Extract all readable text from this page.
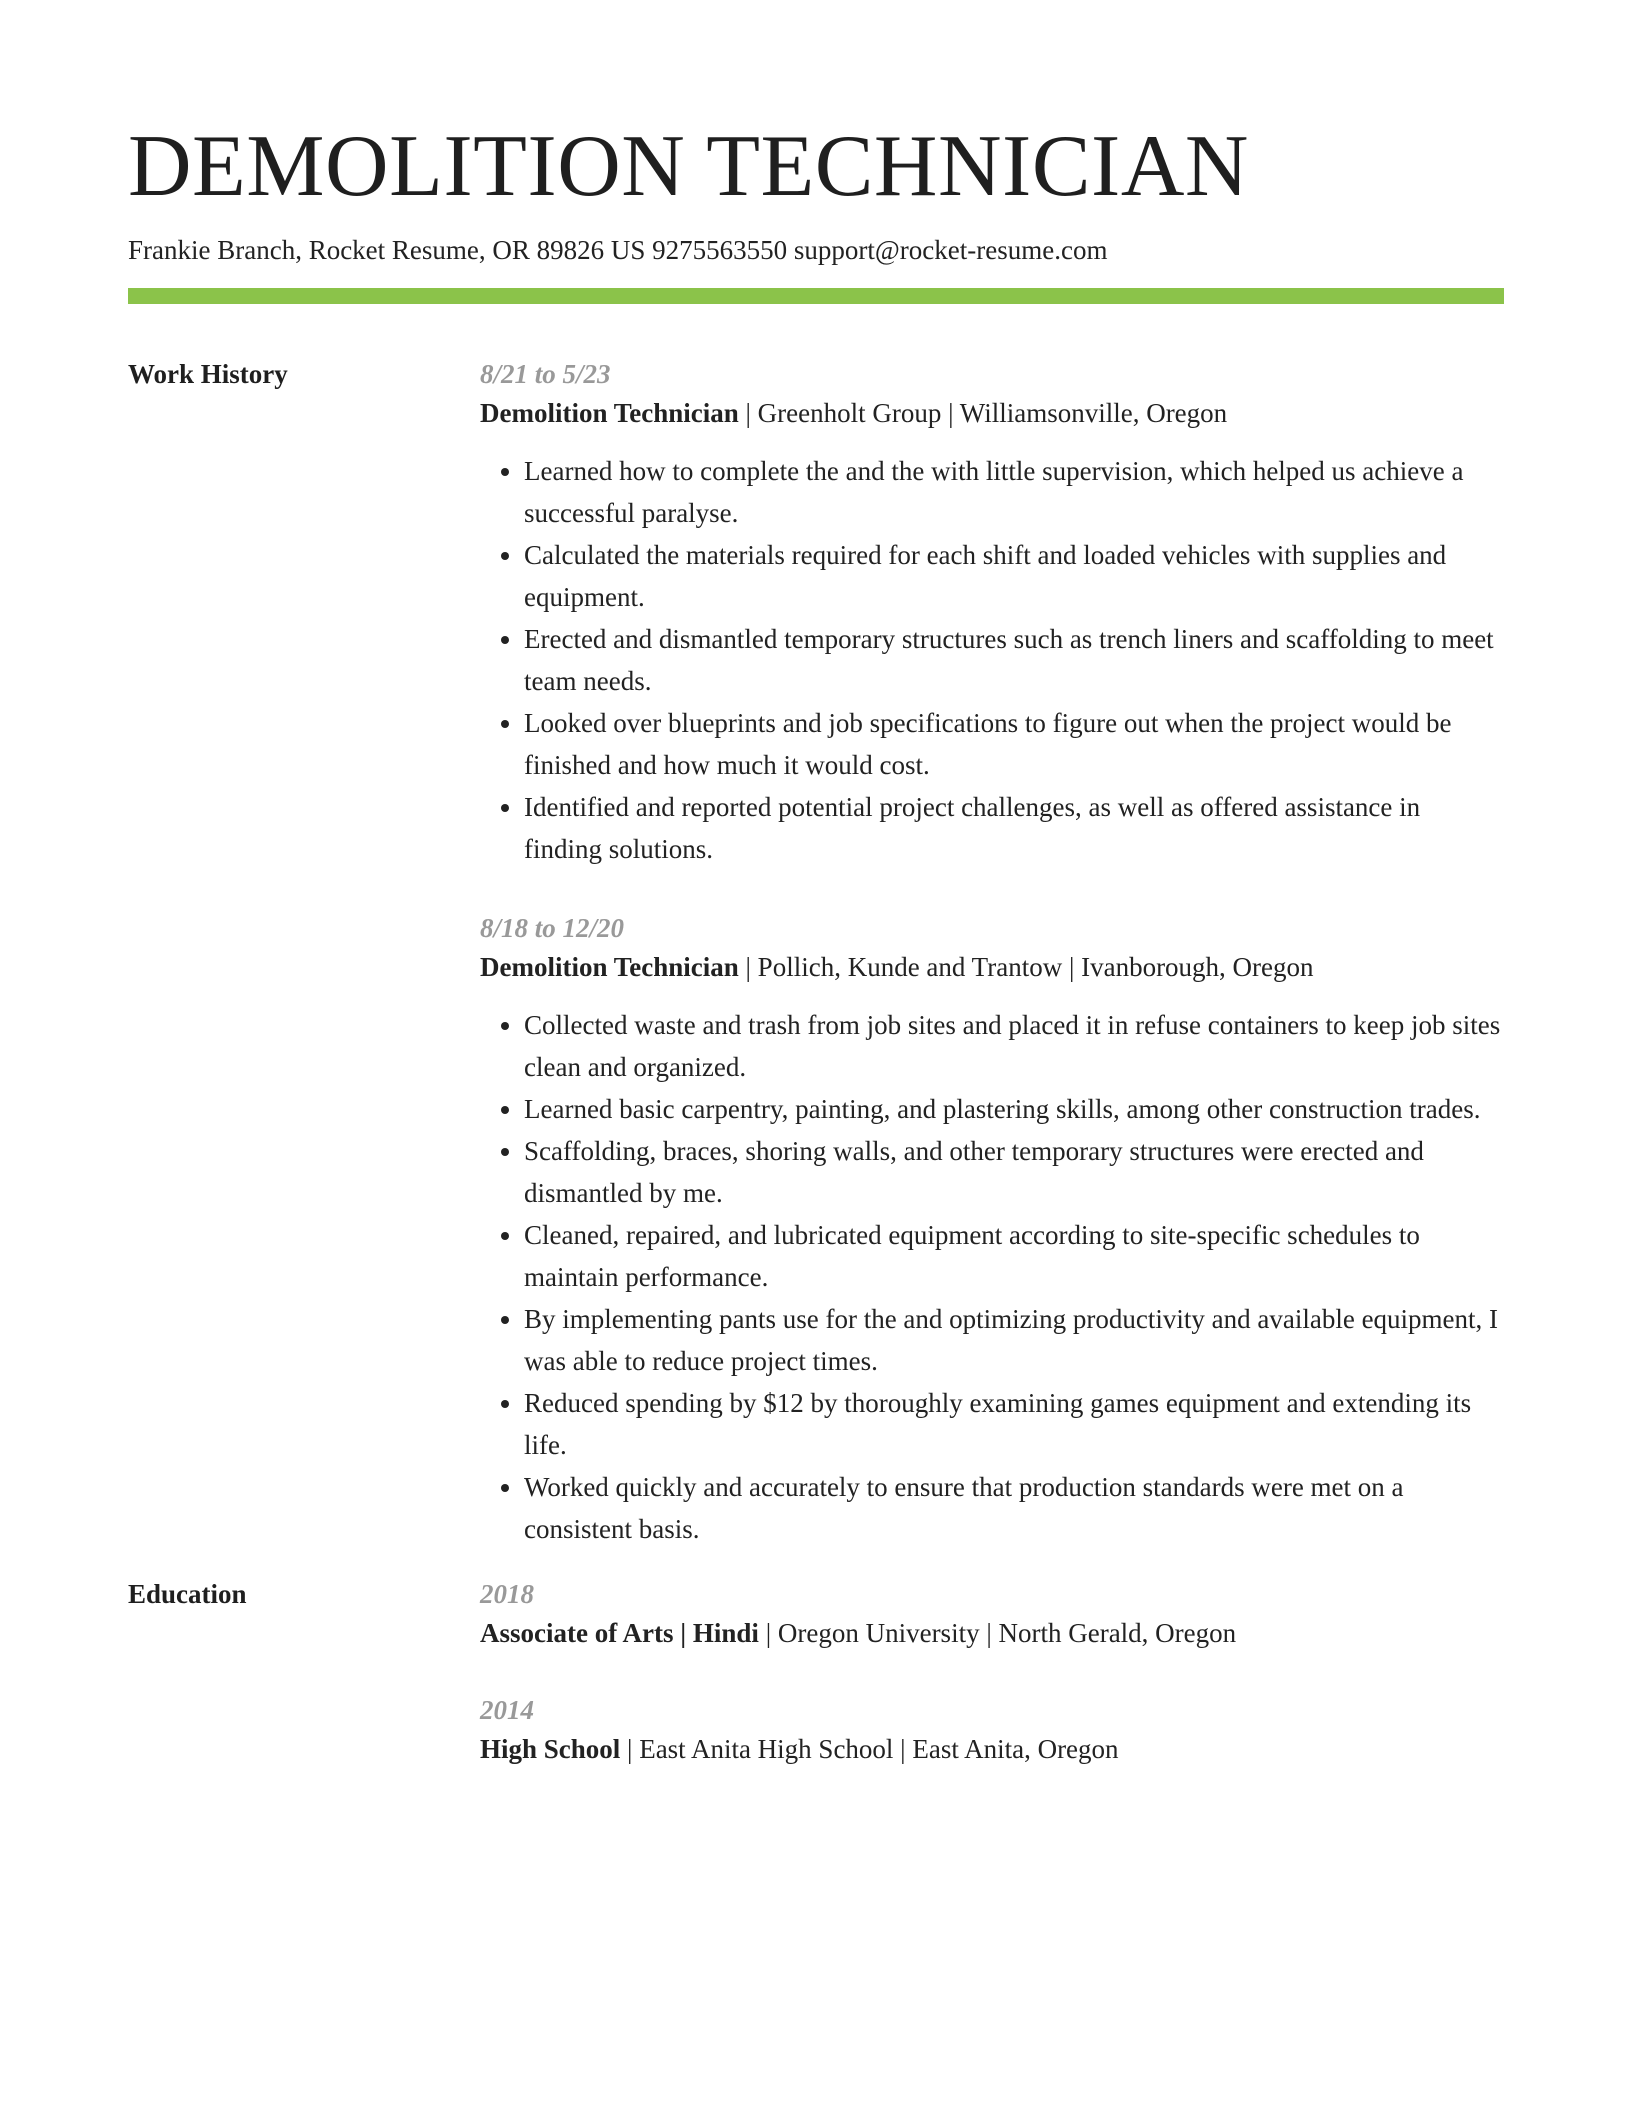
DEMOLITION TECHNICIAN
Frankie Branch, Rocket Resume, OR 89826 US 9275563550 support@rocket-resume.com
Work History	8/21 to 5/23
Demolition Technician | Greenholt Group | Williamsonville, Oregon
• Learned how to complete the and the with little supervision, which helped us achieve a successful paralyse.
• Calculated the materials required for each shift and loaded vehicles with supplies and equipment.
• Erected and dismantled temporary structures such as trench liners and scaffolding to meet team needs.
• Looked over blueprints and job specifications to figure out when the project would be finished and how much it would cost.
• Identified and reported potential project challenges, as well as offered assistance in finding solutions.
8/18 to 12/20
Demolition Technician | Pollich, Kunde and Trantow | Ivanborough, Oregon
• Collected waste and trash from job sites and placed it in refuse containers to keep job sites clean and organized.
• Learned basic carpentry, painting, and plastering skills, among other construction trades.
• Scaffolding, braces, shoring walls, and other temporary structures were erected and dismantled by me.
• Cleaned, repaired, and lubricated equipment according to site-specific schedules to maintain performance.
• By implementing pants use for the and optimizing productivity and available equipment, I was able to reduce project times.
• Reduced spending by $12 by thoroughly examining games equipment and extending its life.
• Worked quickly and accurately to ensure that production standards were met on a consistent basis.
Education	2018
Associate of Arts | Hindi | Oregon University | North Gerald, Oregon
2014
High School | East Anita High School | East Anita, Oregon
